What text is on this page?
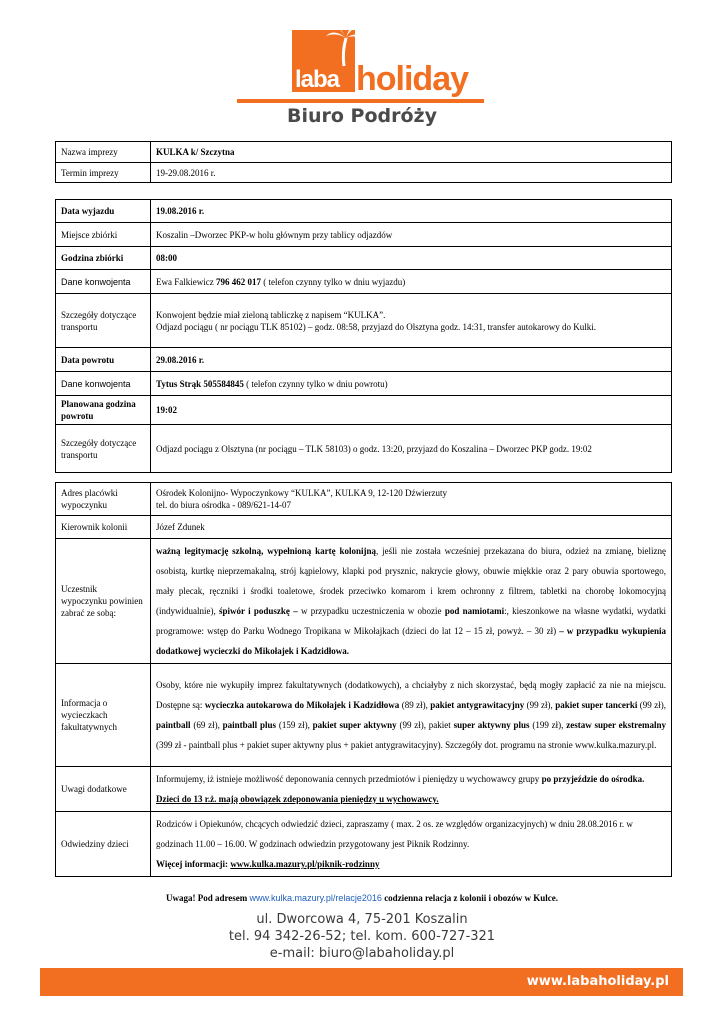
laba holiday
Biuro Podróży
Nazwa imprezy	KULKA k/ Szczytna
Termin imprezy	19-29.08.2016 r.
Data wyjazdu	19.08.2016 r.
Miejsce zbiórki	Koszalin –Dworzec PKP-w holu głównym przy tablicy odjazdów
Godzina zbiórki	08:00
Dane konwojenta	Ewa Falkiewicz 796 462 017 ( telefon czynny tylko w dniu wyjazdu)
Szczegóły dotyczące transportu	Konwojent będzie miał zieloną tabliczkę z napisem “KULKA”.
Odjazd pociągu ( nr pociągu TLK 85102) – godz. 08:58, przyjazd do Olsztyna godz. 14:31, transfer autokarowy do Kulki.

Data powrotu	29.08.2016 r.
Dane konwojenta	Tytus Strąk 505584845 ( telefon czynny tylko w dniu powrotu)
Planowana godzina powrotu	19:02
Szczegóły dotyczące transportu	Odjazd pociągu z Olsztyna (nr pociągu – TLK 58103) o godz. 13:20, przyjazd do Koszalina – Dworzec PKP godz. 19:02
Adres placówki wypoczynku	Ośrodek Kolonijno- Wypoczynkowy “KULKA”, KULKA 9, 12-120 Dźwierzuty
tel. do biura ośrodka - 089/621-14-07

Kierownik kolonii	Józef Zdunek
Uczestnik wypoczynku powinien zabrać ze sobą:	ważną legitymację szkolną, wypełnioną kartę kolonijną, jeśli nie została wcześniej przekazana do biura, odzież na zmianę, bieliznę osobistą, kurtkę nieprzemakalną, strój kąpielowy, klapki pod prysznic, nakrycie głowy, obuwie miękkie oraz 2 pary obuwia sportowego, mały plecak, ręczniki i środki toaletowe, środek przeciwko komarom i krem ochronny z filtrem, tabletki na chorobę lokomocyjną (indywidualnie), śpiwór i poduszkę – w przypadku uczestniczenia w obozie pod namiotami:, kieszonkowe na własne wydatki, wydatki programowe: wstęp do Parku Wodnego Tropikana w Mikołajkach (dzieci do lat 12 – 15 zł, powyż. – 30 zł) – w przypadku wykupienia dodatkowej wycieczki do Mikołajek i Kadzidłowa.
Informacja o wycieczkach fakultatywnych	Osoby, które nie wykupiły imprez fakultatywnych (dodatkowych), a chciałyby z nich skorzystać, będą mogły zapłacić za nie na miejscu. Dostępne są: wycieczka autokarowa do Mikołajek i Kadzidłowa (89 zł), pakiet antygrawitacyjny (99 zł), pakiet super tancerki (99 zł), paintball (69 zł), paintball plus (159 zł), pakiet super aktywny (99 zł), pakiet super aktywny plus (199 zł), zestaw super ekstremalny (399 zł - paintball plus + pakiet super aktywny plus + pakiet antygrawitacyjny). Szczegóły dot. programu na stronie www.kulka.mazury.pl.
Uwagi dodatkowe	Informujemy, iż istnieje możliwość deponowania cennych przedmiotów i pieniędzy u wychowawcy grupy po przyjeździe do ośrodka. Dzieci do 13 r.ż. mają obowiązek zdeponowania pieniędzy u wychowawcy.
Odwiedziny dzieci	Rodziców i Opiekunów, chcących odwiedzić dzieci, zapraszamy ( max. 2 os. ze względów organizacyjnych) w dniu 28.08.2016 r. w godzinach 11.00 – 16.00. W godzinach odwiedzin przygotowany jest Piknik Rodzinny.
Więcej informacji: www.kulka.mazury.pl/piknik-rodzinny
Uwaga! Pod adresem www.kulka.mazury.pl/relacje2016 codzienna relacja z kolonii i obozów w Kulce.
ul. Dworcowa 4, 75-201 Koszalin
tel. 94 342-26-52; tel. kom. 600-727-321
e-mail: biuro@labaholiday.pl
www.labaholiday.pl
